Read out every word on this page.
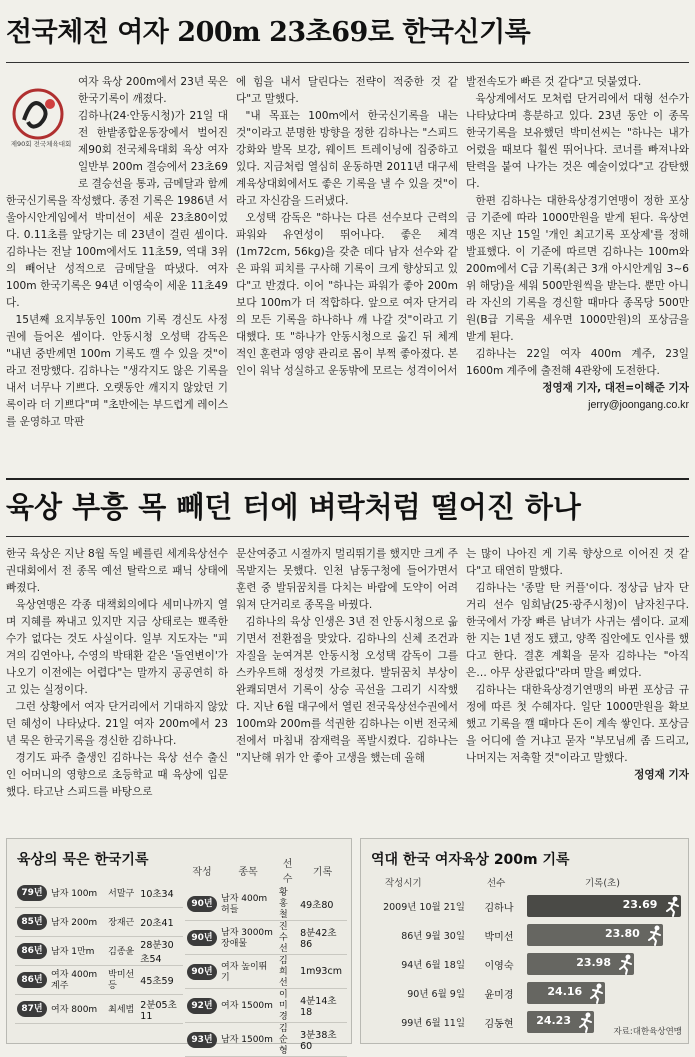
전국체전 여자 200m 23초69로 한국신기록
제90회 전국체육대회

여자 육상 200m에서 23년 묵은 한국기록이 깨졌다.

김하나(24·안동시청)가 21일 대전 한밭종합운동장에서 벌어진 제90회 전국체육대회 육상 여자 일반부 200m 결승에서 23초69로 결승선을 통과, 금메달과 함께 한국신기록을 작성했다. 종전 기록은 1986년 서울아시안게임에서 박미선이 세운 23초80이었다. 0.11초를 앞당기는 데 23년이 걸린 셈이다. 김하나는 전날 100m에서도 11초59, 역대 3위의 빼어난 성적으로 금메달을 따냈다. 여자 100m 한국기록은 94년 이영숙이 세운 11초49다.

15년째 요지부동인 100m 기록 경신도 사정권에 들어온 셈이다. 안동시청 오성택 감독은 "내년 중반께면 100m 기록도 깰 수 있을 것"이라고 전망했다. 김하나는 "생각지도 않은 기록을 내서 너무나 기쁘다. 오랫동안 깨지지 않았던 기록이라 더 기쁘다"며 "초반에는 부드럽게 레이스를 운영하고 막판

에 힘을 내서 달린다는 전략이 적중한 것 같다"고 말했다.

"내 목표는 100m에서 한국신기록을 내는 것"이라고 분명한 방향을 정한 김하나는 "스피드 강화와 발목 보강, 웨이트 트레이닝에 집중하고 있다. 지금처럼 열심히 운동하면 2011년 대구세계육상대회에서도 좋은 기록을 낼 수 있을 것"이라고 자신감을 드러냈다.

오성택 감독은 "하나는 다른 선수보다 근력의 파워와 유연성이 뛰어나다. 좋은 체격(1m72cm, 56kg)을 갖춘 데다 남자 선수와 같은 파워 피치를 구사해 기록이 크게 향상되고 있다"고 반겼다. 이어 "하나는 파워가 좋아 200m보다 100m가 더 적합하다. 앞으로 여자 단거리의 모든 기록을 하나하나 깨 나갈 것"이라고 기대했다. 또 "하나가 안동시청으로 옮긴 뒤 체계적인 훈련과 영양 관리로 몸이 부쩍 좋아졌다. 본인이 워낙 성실하고 운동밖에 모르는 성격이어서

발전속도가 빠른 것 같다"고 덧붙였다.

육상계에서도 모처럼 단거리에서 대형 선수가 나타났다며 흥분하고 있다. 23년 동안 이 종목 한국기록을 보유했던 박미선씨는 "하나는 내가 어렸을 때보다 훨씬 뛰어나다. 코너를 빠져나와 탄력을 붙여 나가는 것은 예술이었다"고 감탄했다.

한편 김하나는 대한육상경기연맹이 정한 포상금 기준에 따라 1000만원을 받게 된다. 육상연맹은 지난 15일 '개인 최고기록 포상제'를 정해 발표했다. 이 기준에 따르면 김하나는 100m와 200m에서 C급 기록(최근 3개 아시안게임 3~6위 해당)을 세워 500만원씩을 받는다. 뿐만 아니라 자신의 기록을 경신할 때마다 종목당 500만원(B급 기록을 세우면 1000만원)의 포상금을 받게 된다.

김하나는 22일 여자 400m 계주, 23일 1600m 계주에 출전해 4관왕에 도전한다.

정영재 기자, 대전=이해준 기자

jerry@joongang.co.kr

육상 부흥 목 빼던 터에 벼락처럼 떨어진 하나

한국 육상은 지난 8월 독일 베를린 세계육상선수권대회에서 전 종목 예선 탈락으로 패닉 상태에 빠졌다.

육상연맹은 각종 대책회의에다 세미나까지 열며 지혜를 짜내고 있지만 지금 상태로는 뾰족한 수가 없다는 것도 사실이다. 일부 지도자는 "피겨의 김연아나, 수영의 박태환 같은 '돌연변이'가 나오기 이전에는 어렵다"는 말까지 공공연히 하고 있는 실정이다.

그런 상황에서 여자 단거리에서 기대하지 않았던 혜성이 나타났다. 21일 여자 200m에서 23년 묵은 한국기록을 경신한 김하나다.

경기도 파주 출생인 김하나는 육상 선수 출신인 어머니의 영향으로 초등학교 때 육상에 입문했다. 타고난 스피드를 바탕으로

문산여중고 시절까지 멀리뛰기를 했지만 크게 주목받지는 못했다. 인천 남동구청에 들어가면서 훈련 중 발뒤꿈치를 다치는 바람에 도약이 어려워져 단거리로 종목을 바꿨다.

김하나의 육상 인생은 3년 전 안동시청으로 옮기면서 전환점을 맞았다. 김하나의 신체 조건과 자질을 눈여겨본 안동시청 오성택 감독이 그를 스카우트해 정성껏 가르쳤다. 발뒤꿈치 부상이 완쾌되면서 기록이 상승 곡선을 그리기 시작했다. 지난 6월 대구에서 열린 전국육상선수권에서 100m와 200m를 석권한 김하나는 이번 전국체전에서 마침내 잠재력을 폭발시켰다. 김하나는 "지난해 위가 안 좋아 고생을 했는데 올해

는 많이 나아진 게 기록 향상으로 이어진 것 같다"고 태연히 말했다.

김하나는 '종말 탄 커플'이다. 정상급 남자 단거리 선수 임희남(25·광주시청)이 남자친구다. 한국에서 가장 빠른 남녀가 사귀는 셈이다. 교제한 지는 1년 정도 됐고, 양쪽 집안에도 인사를 했다고 한다. 결혼 계획을 묻자 김하나는 "아직은… 아무 상관없다"라며 말을 삐었다.

김하나는 대한육상경기연맹의 바뀐 포상금 규정에 따른 첫 수혜자다. 일단 1000만원을 확보했고 기록을 깰 때마다 돈이 계속 쌓인다. 포상금을 어디에 쓸 거냐고 묻자 "부모님께 좀 드리고, 나머지는 저축할 것"이라고 말했다.

정영재 기자

육상의 묵은 한국기록
79년	남자 100m	서말구	10초34
85년	남자 200m	장재근	20초41
86년	남자 1만m	김종윤	28분30초54
86년	여자 400m 계주	박미선 등	45초59
87년	여자 800m	최세범	2분05초11
작성	종목	선수	기록
90년	남자 400m 허들	황홍철	49초80
90년	남자 3000m 장애물	진수선	8분42초86
90년	여자 높이뛰기	김희선	1m93cm
92년	여자 1500m	이미경	4분14초18
93년	남자 1500m	김순형	3분38초60
역대 한국 여자육상 200m 기록
작성시기	선수	기록(초)
2009년 10월 21일	김하나	23.69
86년 9월 30일	박미선	23.80
94년 6월 18일	이영숙	23.98
90년 6월 9일	윤미경	24.16
99년 6월 11일	김동현	24.23
자료:대한육상연맹
